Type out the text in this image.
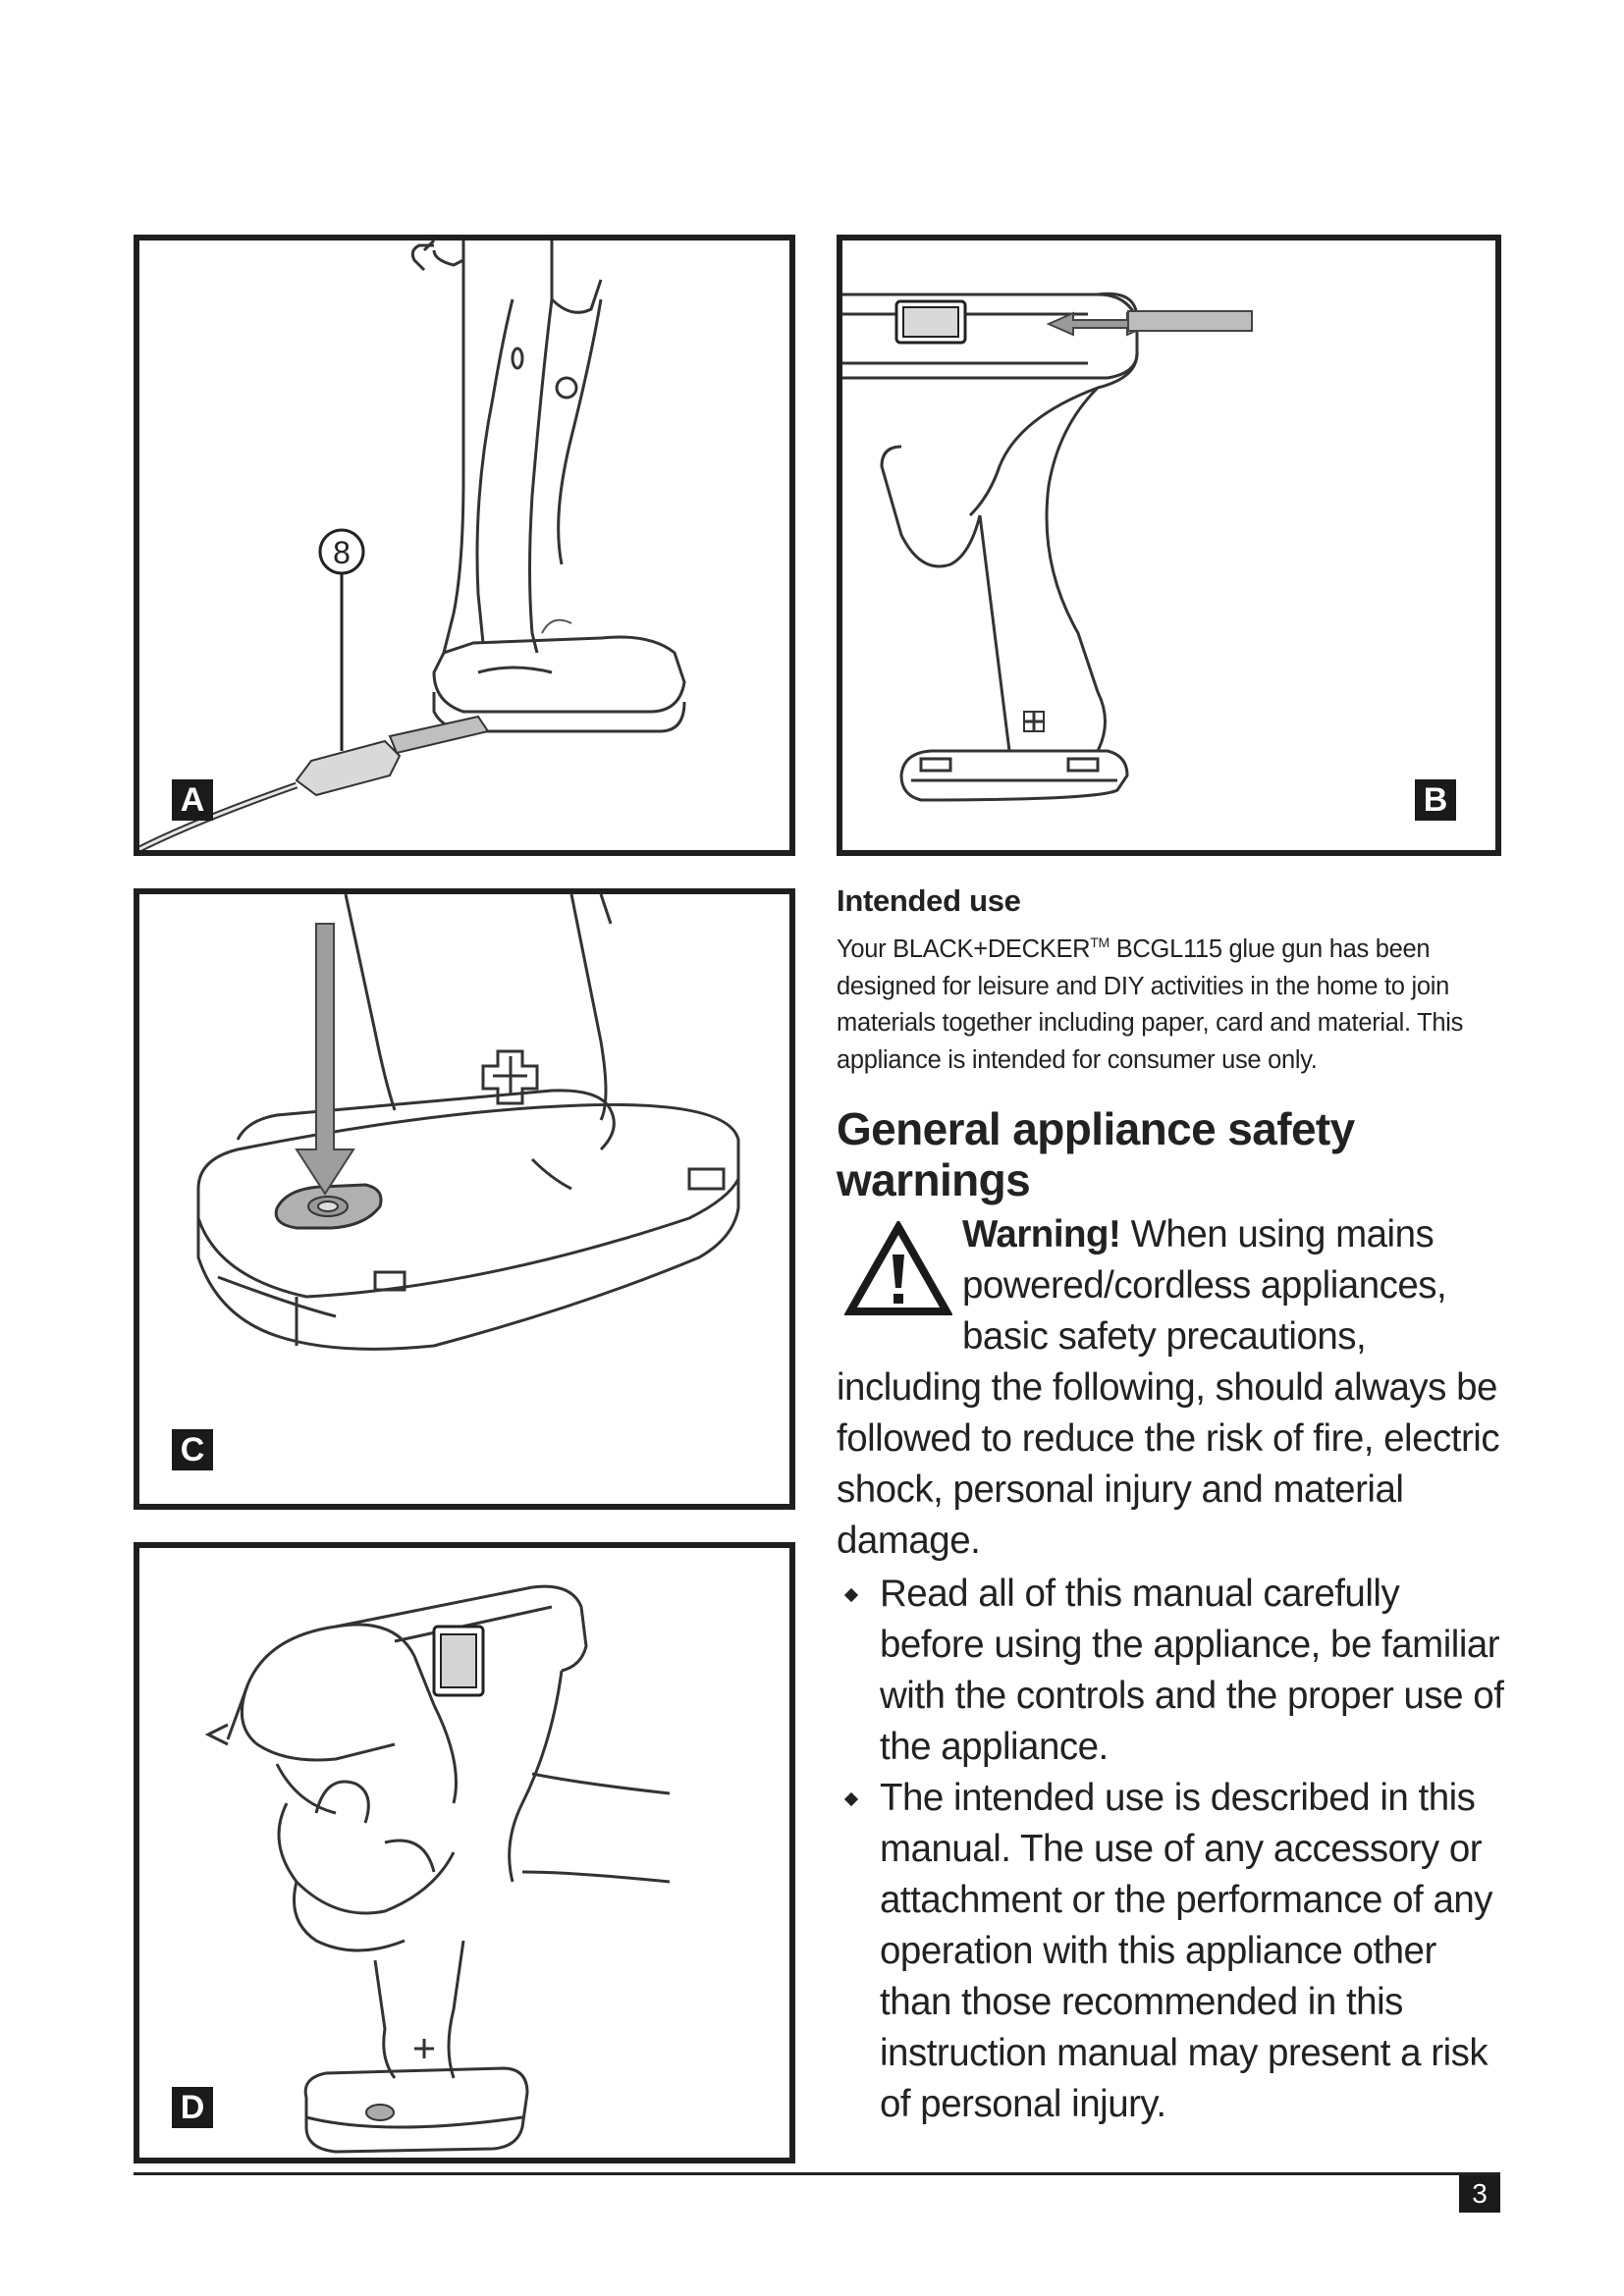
8
A	B
C
D
Intended use
Your BLACK+DECKER™ BCGL115 glue gun has been designed for leisure and DIY activities in the home to join materials together including paper, card and material. This appliance is intended for consumer use only.
General appliance safety warnings
Warning! When using mains powered/cordless appliances, basic safety precautions,
including the following, should always be followed to reduce the risk of fire, electric shock, personal injury and material damage.

Read all of this manual carefully before using the appliance, be familiar with the controls and the proper use of the appliance.

The intended use is described in this manual. The use of any accessory or attachment or the performance of any operation with this appliance other than those recommended in this instruction manual may present a risk of personal injury.

3
